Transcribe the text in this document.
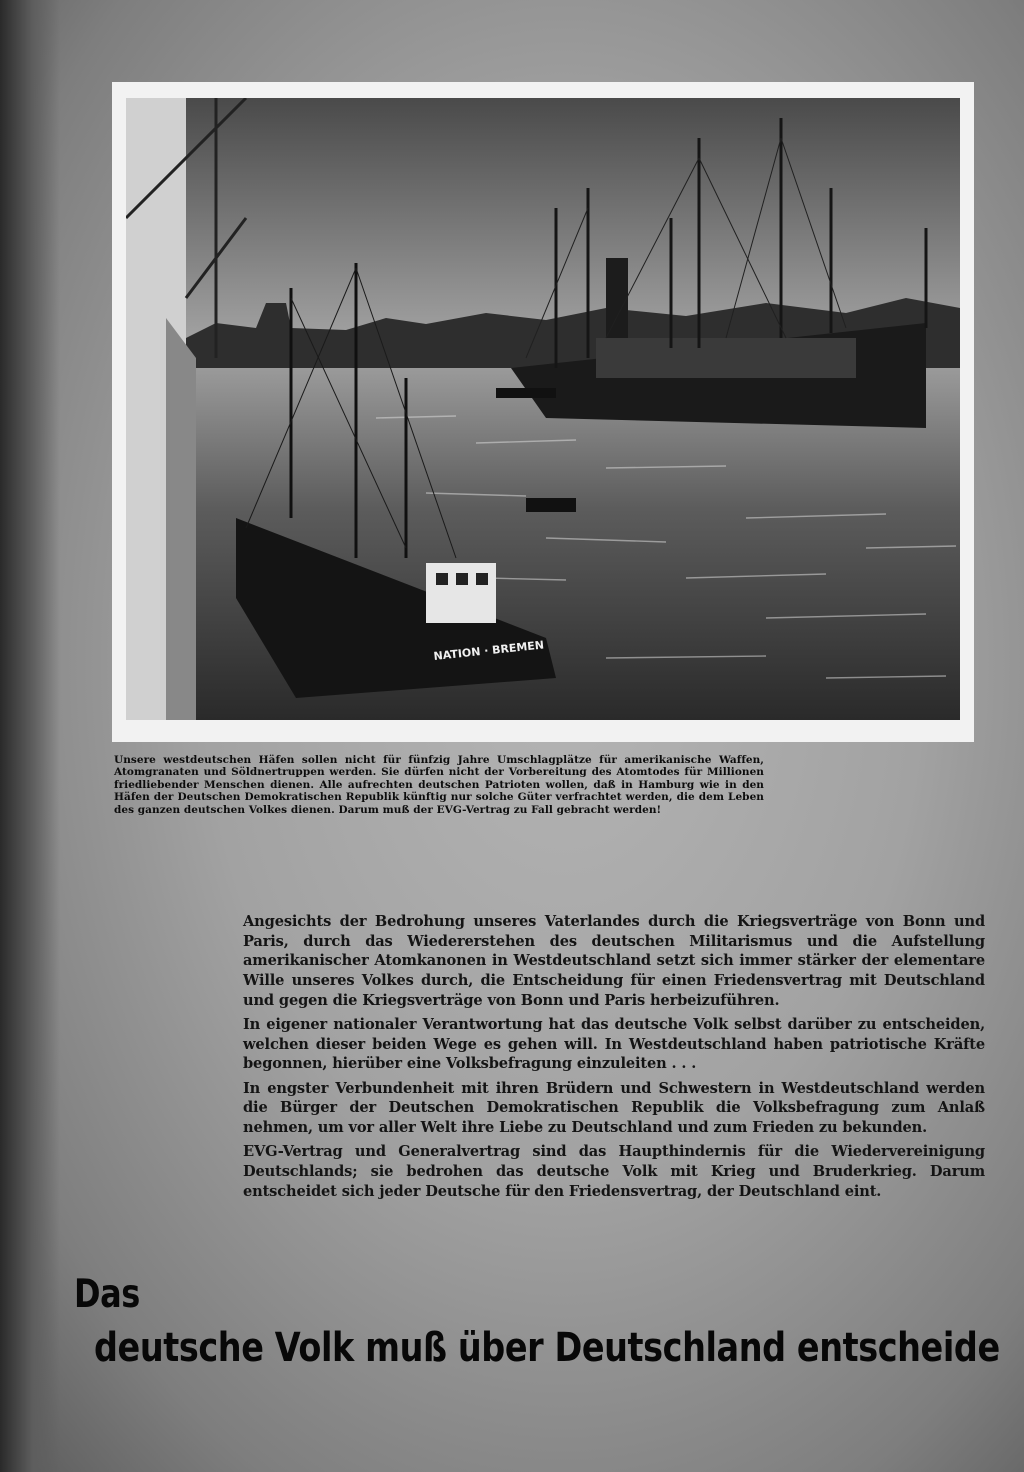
NATION · BREMEN
Unsere westdeutschen Häfen sollen nicht für fünfzig Jahre Umschlagplätze für amerikanische Waffen, Atomgranaten und Söldnertruppen werden. Sie dürfen nicht der Vorbereitung des Atomtodes für Millionen friedliebender Menschen dienen. Alle aufrechten deutschen Patrioten wollen, daß in Hamburg wie in den Häfen der Deutschen Demokratischen Republik künftig nur solche Güter verfrachtet werden, die dem Leben des ganzen deutschen Volkes dienen. Darum muß der EVG-Vertrag zu Fall gebracht werden!

Angesichts der Bedrohung unseres Vaterlandes durch die Kriegsverträge von Bonn und Paris, durch das Wiedererstehen des deutschen Militarismus und die Aufstellung amerikanischer Atomkanonen in Westdeutschland setzt sich immer stärker der elementare Wille unseres Volkes durch, die Entscheidung für einen Friedensvertrag mit Deutschland und gegen die Kriegsverträge von Bonn und Paris herbeizuführen.

In eigener nationaler Verantwortung hat das deutsche Volk selbst darüber zu entscheiden, welchen dieser beiden Wege es gehen will. In Westdeutschland haben patriotische Kräfte begonnen, hierüber eine Volksbefragung einzuleiten . . .

In engster Verbundenheit mit ihren Brüdern und Schwestern in Westdeutschland werden die Bürger der Deutschen Demokratischen Republik die Volksbefragung zum Anlaß nehmen, um vor aller Welt ihre Liebe zu Deutschland und zum Frieden zu bekunden.

EVG-Vertrag und Generalvertrag sind das Haupthindernis für die Wiedervereinigung Deutschlands; sie bedrohen das deutsche Volk mit Krieg und Bruderkrieg. Darum entscheidet sich jeder Deutsche für den Friedensvertrag, der Deutschland eint.

Das
deutsche Volk muß über Deutschland entscheide
